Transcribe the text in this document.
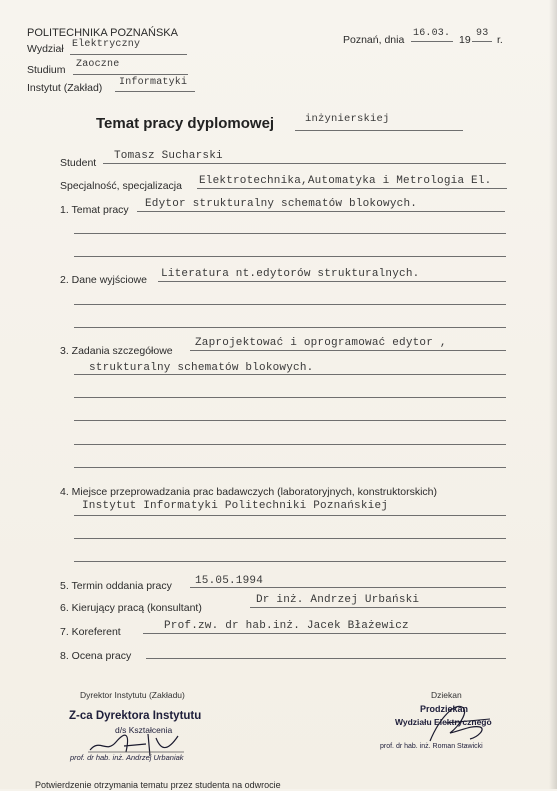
POLITECHNIKA POZNAŃSKA
Wydział Elektryczny
Studium Zaoczne
Instytut (Zakład) Informatyki
Poznań, dnia
16.03.
19
93
r.
Temat pracy dyplomowej	inżynierskiej
Student
Tomasz Sucharski
Specjalność, specjalizacja Elektrotechnika,Automatyka i Metrologia El.
1. Temat pracy Edytor strukturalny schematów blokowych.
2. Dane wyjściowe Literatura nt.edytorów strukturalnych.
3. Zadania szczegółowe
Zaprojektować i oprogramować edytor ,
strukturalny schematów blokowych.
4. Miejsce przeprowadzania prac badawczych (laboratoryjnych, konstruktorskich)
Instytut Informatyki Politechniki Poznańskiej
5. Termin oddania pracy 15.05.1994
6. Kierujący pracą (konsultant)
Dr inż. Andrzej Urbański
7. Koreferent	Prof.zw. dr hab.inż. Jacek Błażewicz
8. Ocena pracy
Dyrektor Instytutu (Zakładu)
Z-ca Dyrektora Instytutu
d/s Kształcenia
prof. dr hab. inż. Andrzej Urbaniak
Dziekan
Prodziekan
Wydziału Elektrycznego
prof. dr hab. inż. Roman Stawicki
Potwierdzenie otrzymania tematu przez studenta na odwrocie
